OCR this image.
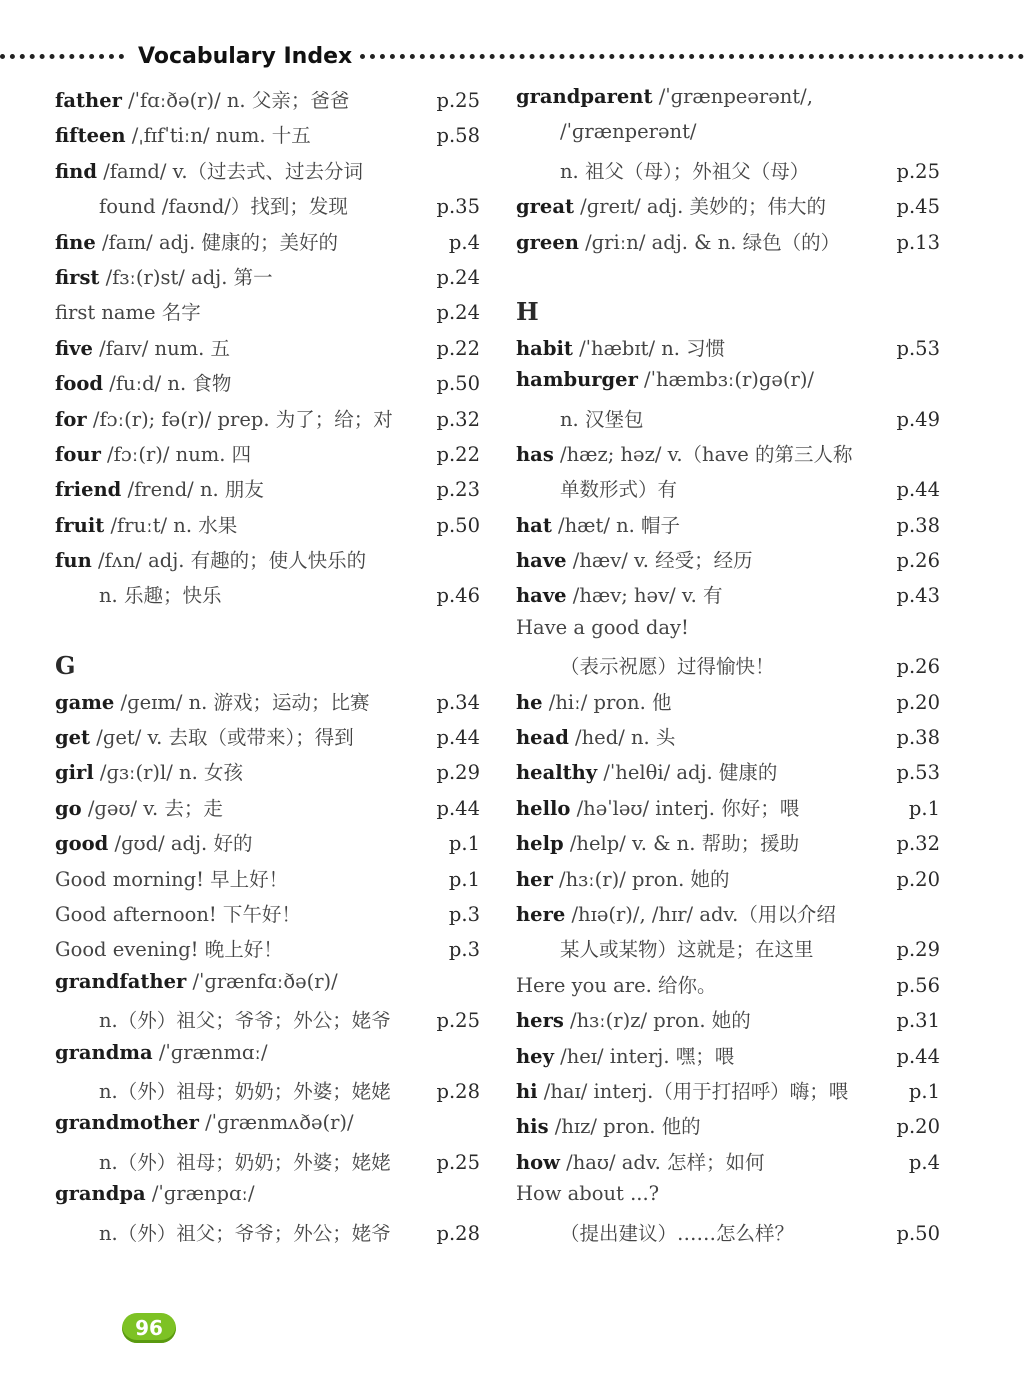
Vocabulary Index
father /ˈfɑːðə(r)/ n. 父亲；爸爸	p.25
fifteen /ˌfɪfˈtiːn/ num. 十五	p.58
find /faɪnd/ v.（过去式、过去分词
found /faʊnd/）找到；发现	p.35
fine /faɪn/ adj. 健康的；美好的	p.4
first /fɜː(r)st/ adj. 第一	p.24
first name 名字	p.24
five /faɪv/ num. 五	p.22
food /fuːd/ n. 食物	p.50
for /fɔː(r); fə(r)/ prep. 为了；给；对	p.32
four /fɔː(r)/ num. 四	p.22
friend /frend/ n. 朋友	p.23
fruit /fruːt/ n. 水果	p.50
fun /fʌn/ adj. 有趣的；使人快乐的
n. 乐趣；快乐	p.46
G
game /ɡeɪm/ n. 游戏；运动；比赛	p.34
get /ɡet/ v. 去取（或带来）；得到	p.44
girl /ɡɜː(r)l/ n. 女孩	p.29
go /ɡəʊ/ v. 去；走	p.44
good /ɡʊd/ adj. 好的	p.1
Good morning! 早上好！	p.1
Good afternoon! 下午好！	p.3
Good evening! 晚上好！	p.3
grandfather /ˈɡrænfɑːðə(r)/
n.（外）祖父；爷爷；外公；姥爷	p.25
grandma /ˈɡrænmɑː/
n.（外）祖母；奶奶；外婆；姥姥	p.28
grandmother /ˈɡrænmʌðə(r)/
n.（外）祖母；奶奶；外婆；姥姥	p.25
grandpa /ˈɡrænpɑː/
n.（外）祖父；爷爷；外公；姥爷	p.28
grandparent /ˈɡrænpeərənt/,
/ˈɡrænperənt/
n. 祖父（母）；外祖父（母）	p.25
great /ɡreɪt/ adj. 美妙的；伟大的	p.45
green /ɡriːn/ adj. & n. 绿色（的）	p.13
H
habit /ˈhæbɪt/ n. 习惯	p.53
hamburger /ˈhæmbɜː(r)ɡə(r)/
n. 汉堡包	p.49
has /hæz; həz/ v.（have 的第三人称
单数形式）有	p.44
hat /hæt/ n. 帽子	p.38
have /hæv/ v. 经受；经历	p.26
have /hæv; həv/ v. 有	p.43
Have a good day!
（表示祝愿）过得愉快！	p.26
he /hiː/ pron. 他	p.20
head /hed/ n. 头	p.38
healthy /ˈhelθi/ adj. 健康的	p.53
hello /həˈləʊ/ interj. 你好；喂	p.1
help /help/ v. & n. 帮助；援助	p.32
her /hɜː(r)/ pron. 她的	p.20
here /hɪə(r)/, /hɪr/ adv.（用以介绍
某人或某物）这就是；在这里	p.29
Here you are. 给你。	p.56
hers /hɜː(r)z/ pron. 她的	p.31
hey /heɪ/ interj. 嘿；喂	p.44
hi /haɪ/ interj.（用于打招呼）嗨；喂	p.1
his /hɪz/ pron. 他的	p.20
how /haʊ/ adv. 怎样；如何	p.4
How about ...?
（提出建议）……怎么样？	p.50
96
